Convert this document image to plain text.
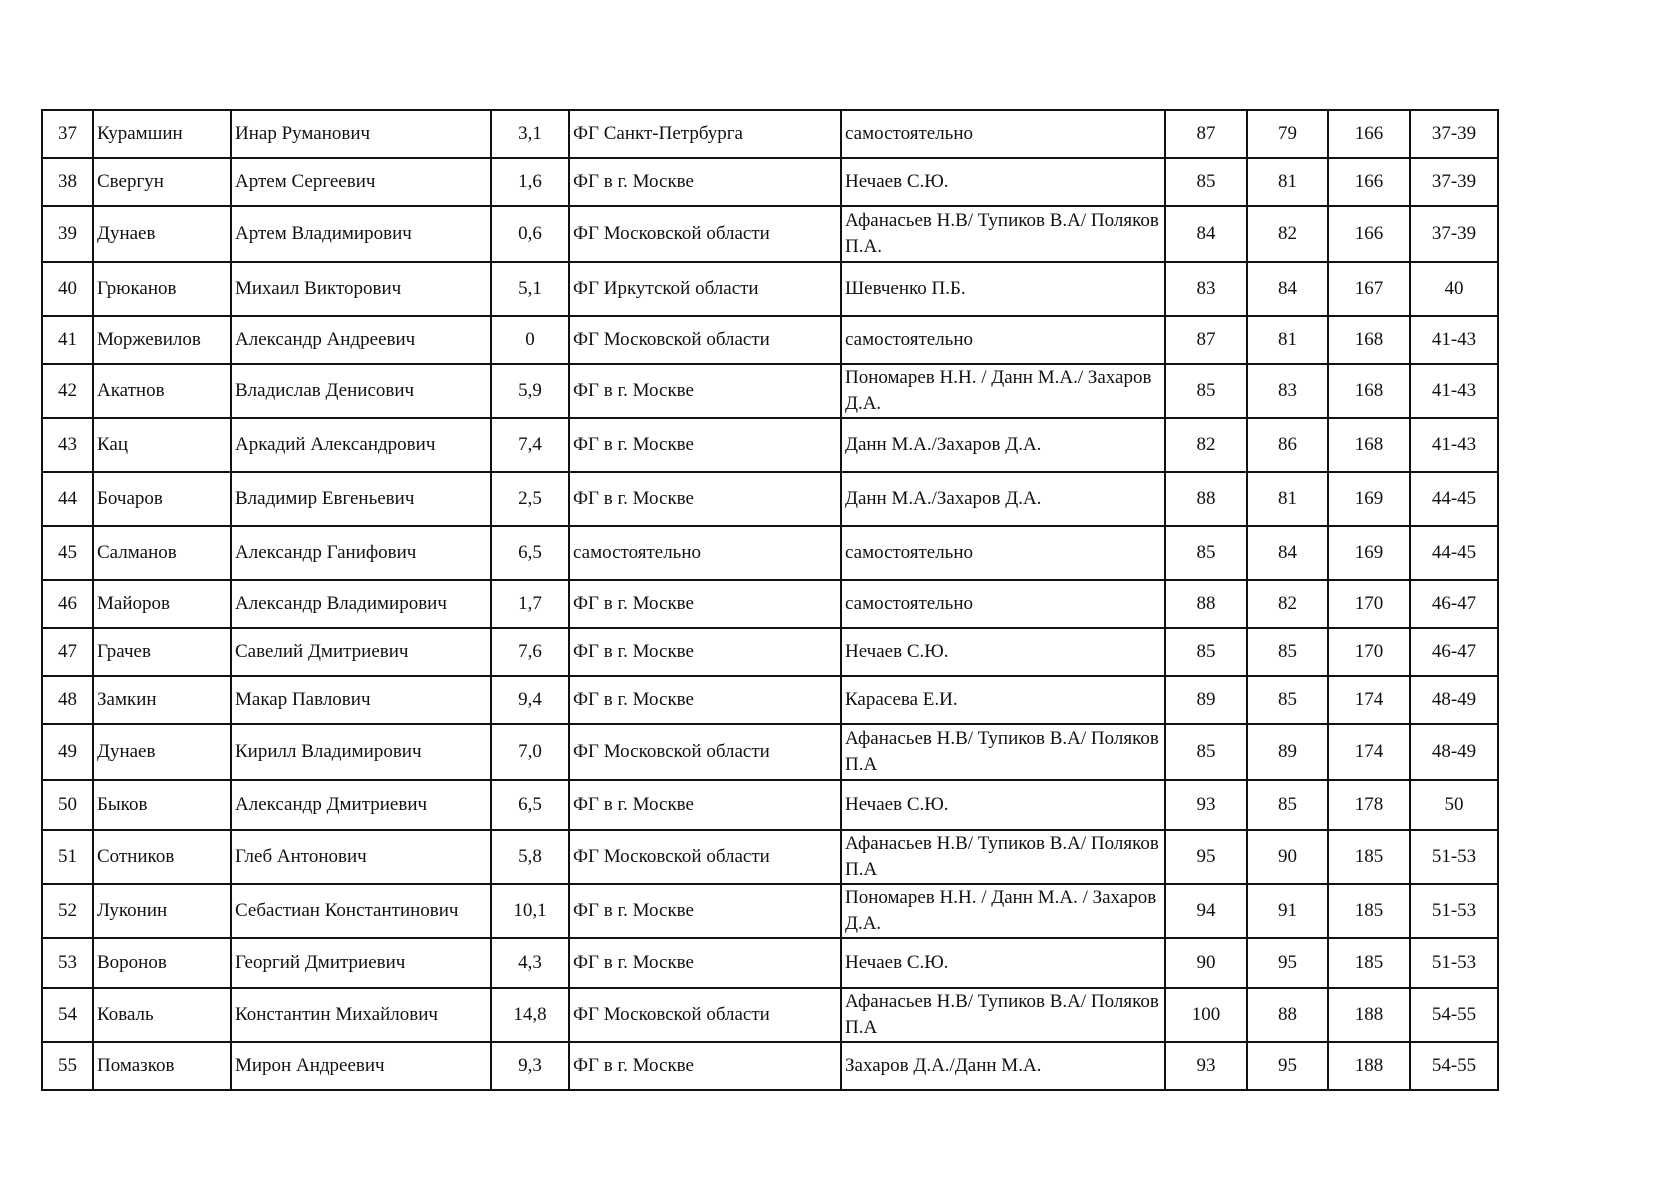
37	Курамшин	Инар Руманович	3,1	ФГ Санкт-Петрбурга	самостоятельно	87	79	166	37-39
38	Свергун	Артем Сергеевич	1,6	ФГ в г. Москве	Нечаев С.Ю.	85	81	166	37-39
39	Дунаев	Артем Владимирович	0,6	ФГ Московской области	Афанасьев Н.В/ Тупиков В.А/ Поляков П.А.	84	82	166	37-39
40	Грюканов	Михаил Викторович	5,1	ФГ Иркутской области	Шевченко П.Б.	83	84	167	40
41	Моржевилов	Александр Андреевич	0	ФГ Московской области	самостоятельно	87	81	168	41-43
42	Акатнов	Владислав Денисович	5,9	ФГ в г. Москве	Пономарев Н.Н. / Данн М.А./ Захаров Д.А.	85	83	168	41-43
43	Кац	Аркадий Александрович	7,4	ФГ в г. Москве	Данн М.А./Захаров Д.А.	82	86	168	41-43
44	Бочаров	Владимир Евгеньевич	2,5	ФГ в г. Москве	Данн М.А./Захаров Д.А.	88	81	169	44-45
45	Салманов	Александр Ганифович	6,5	самостоятельно	самостоятельно	85	84	169	44-45
46	Майоров	Александр Владимирович	1,7	ФГ в г. Москве	самостоятельно	88	82	170	46-47
47	Грачев	Савелий Дмитриевич	7,6	ФГ в г. Москве	Нечаев С.Ю.	85	85	170	46-47
48	Замкин	Макар Павлович	9,4	ФГ в г. Москве	Карасева Е.И.	89	85	174	48-49
49	Дунаев	Кирилл Владимирович	7,0	ФГ Московской области	Афанасьев Н.В/ Тупиков В.А/ Поляков П.А	85	89	174	48-49
50	Быков	Александр Дмитриевич	6,5	ФГ в г. Москве	Нечаев С.Ю.	93	85	178	50
51	Сотников	Глеб Антонович	5,8	ФГ Московской области	Афанасьев Н.В/ Тупиков В.А/ Поляков П.А	95	90	185	51-53
52	Луконин	Себастиан Константинович	10,1	ФГ в г. Москве	Пономарев Н.Н. / Данн М.А. / Захаров Д.А.	94	91	185	51-53
53	Воронов	Георгий Дмитриевич	4,3	ФГ в г. Москве	Нечаев С.Ю.	90	95	185	51-53
54	Коваль	Константин Михайлович	14,8	ФГ Московской области	Афанасьев Н.В/ Тупиков В.А/ Поляков П.А	100	88	188	54-55
55	Помазков	Мирон Андреевич	9,3	ФГ в г. Москве	Захаров Д.А./Данн М.А.	93	95	188	54-55
